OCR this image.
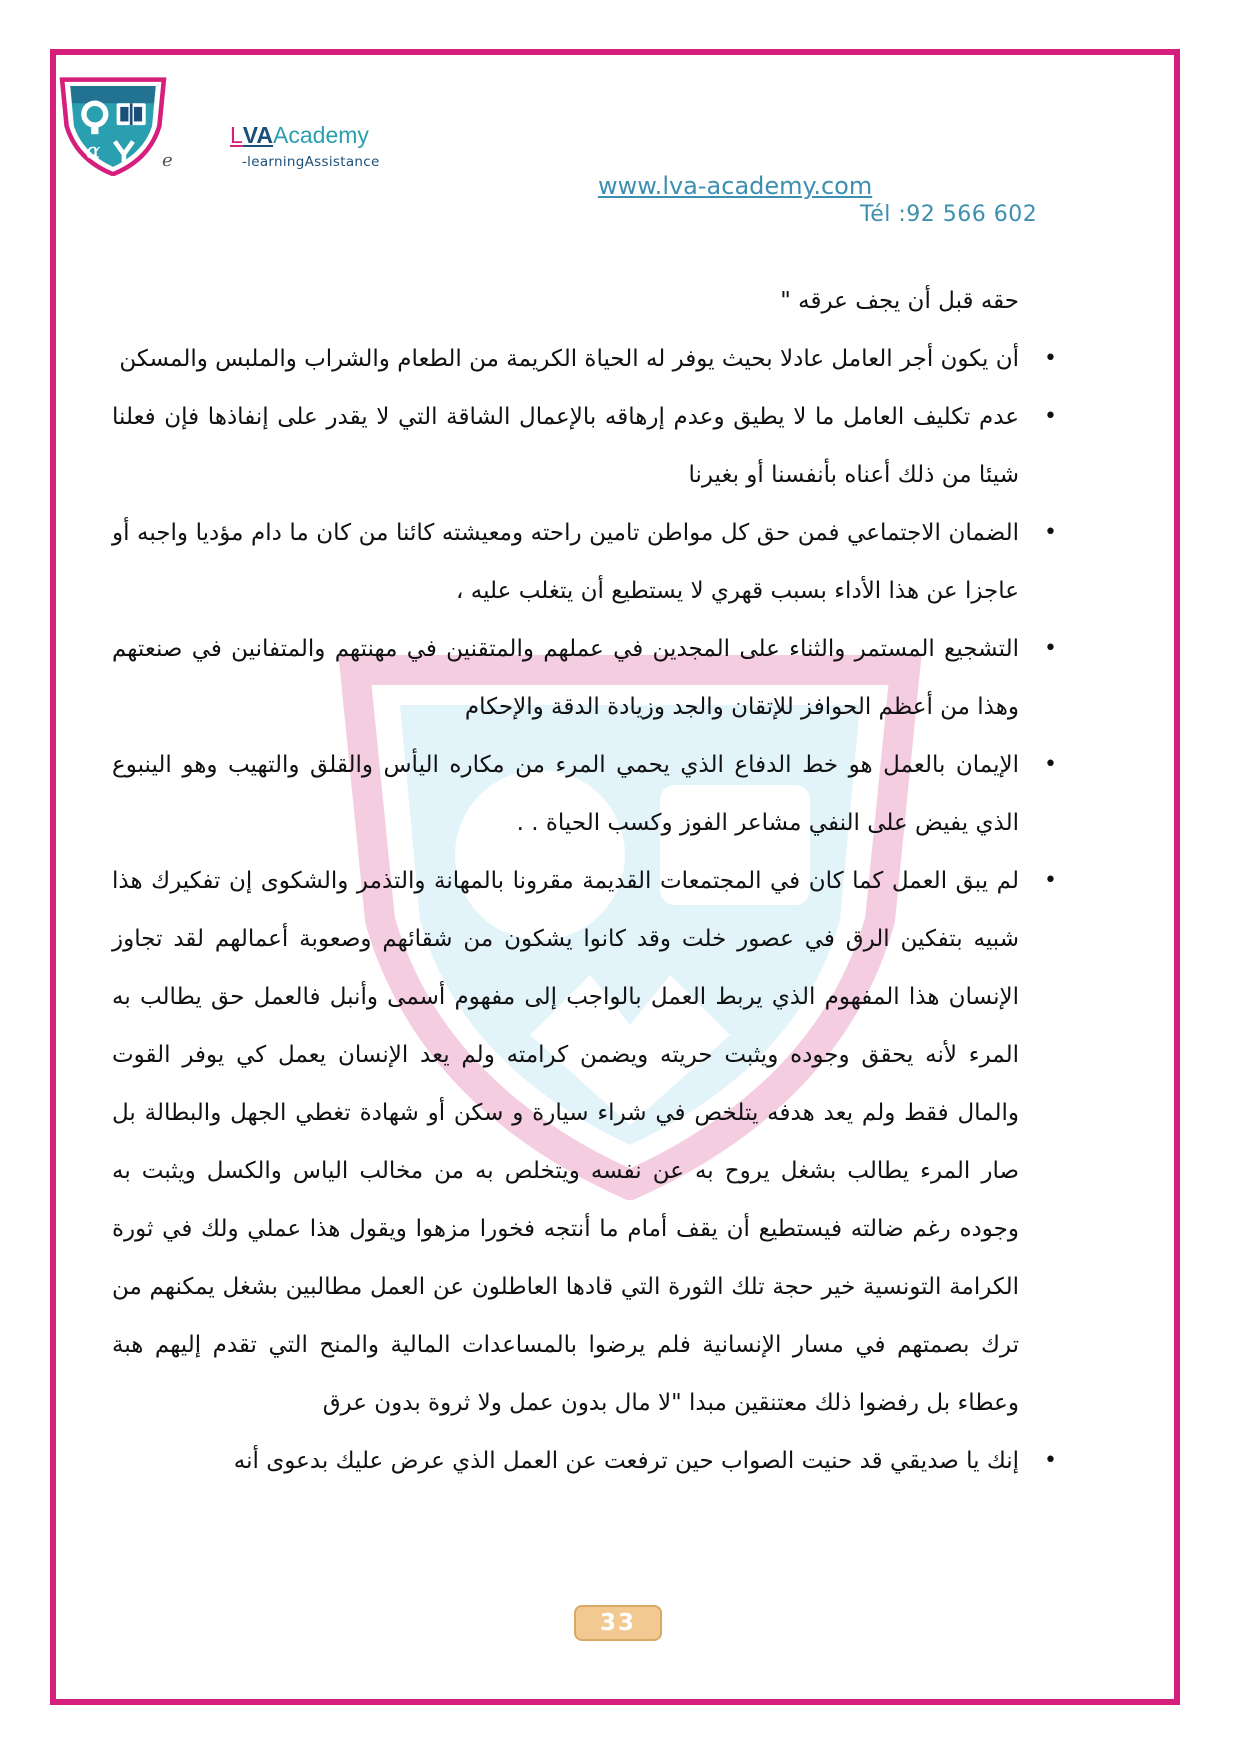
α	e
LVAAcademy
-learningAssistance
www.lva-academy.com
Tél :92 566 602

حقه قبل أن يجف عرقه "

•
أن يكون أجر العامل عادلا بحيث يوفر له الحياة الكريمة من الطعام والشراب والملبس والمسكن
•
عدم تكليف العامل ما لا يطيق وعدم إرهاقه بالإعمال الشاقة التي لا يقدر على إنفاذها فإن فعلنا شيئا من ذلك أعناه بأنفسنا أو بغيرنا
•
الضمان الاجتماعي فمن حق كل مواطن تامين راحته ومعيشته كائنا من كان ما دام مؤديا واجبه أو عاجزا عن هذا الأداء بسبب قهري لا يستطيع أن يتغلب عليه ،
•
التشجيع المستمر والثناء على المجدين في عملهم والمتقنين في مهنتهم والمتفانين في صنعتهم وهذا من أعظم الحوافز للإتقان والجد وزيادة الدقة والإحكام
•
الإيمان بالعمل هو خط الدفاع الذي يحمي المرء من مكاره اليأس والقلق والتهيب وهو الينبوع الذي يفيض على النفي مشاعر الفوز وكسب الحياة . .
•
لم يبق العمل كما كان في المجتمعات القديمة مقرونا بالمهانة والتذمر والشكوى إن تفكيرك هذا شبيه بتفكين الرق في عصور خلت وقد كانوا يشكون من شقائهم وصعوبة أعمالهم لقد تجاوز الإنسان هذا المفهوم الذي يربط العمل بالواجب إلى مفهوم أسمى وأنبل فالعمل حق يطالب به المرء لأنه يحقق وجوده ويثبت حريته ويضمن كرامته ولم يعد الإنسان يعمل كي يوفر القوت والمال فقط ولم يعد هدفه يتلخص في شراء سيارة و سكن أو شهادة تغطي الجهل والبطالة بل صار المرء يطالب بشغل يروح به عن نفسه ويتخلص به من مخالب الياس والكسل ويثبت به وجوده رغم ضالته فيستطيع أن يقف أمام ما أنتجه فخورا مزهوا ويقول هذا عملي ولك في ثورة الكرامة التونسية خير حجة تلك الثورة التي قادها العاطلون عن العمل مطالبين بشغل يمكنهم من ترك بصمتهم في مسار الإنسانية فلم يرضوا بالمساعدات المالية والمنح التي تقدم إليهم هبة وعطاء بل رفضوا ذلك معتنقين مبدا "لا مال بدون عمل ولا ثروة بدون عرق
•
إنك يا صديقي قد حنيت الصواب حين ترفعت عن العمل الذي عرض عليك بدعوى أنه
33
